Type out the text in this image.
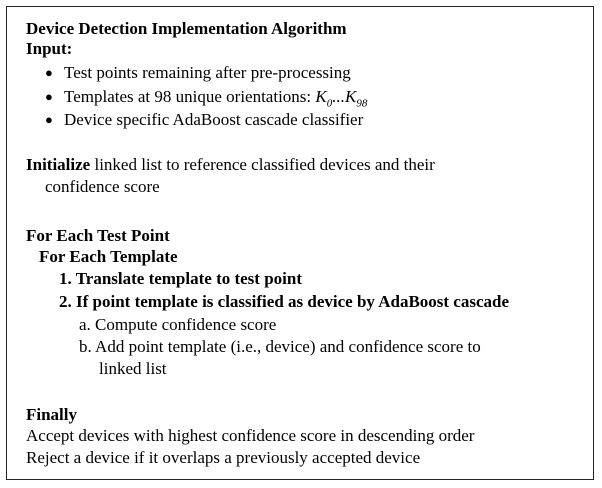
Device Detection Implementation Algorithm
Input:
● Test points remaining after pre-processing
● Templates at 98 unique orientations: $K_0...K_{98}$
● Device specific AdaBoost cascade classifier
Initialize linked list to reference classified devices and their
confidence score
For Each Test Point
For Each Template
1. Translate template to test point
2. If point template is classified as device by AdaBoost cascade
a. Compute confidence score
b. Add point template (i.e., device) and confidence score to
linked list
Finally
Accept devices with highest confidence score in descending order
Reject a device if it overlaps a previously accepted device
